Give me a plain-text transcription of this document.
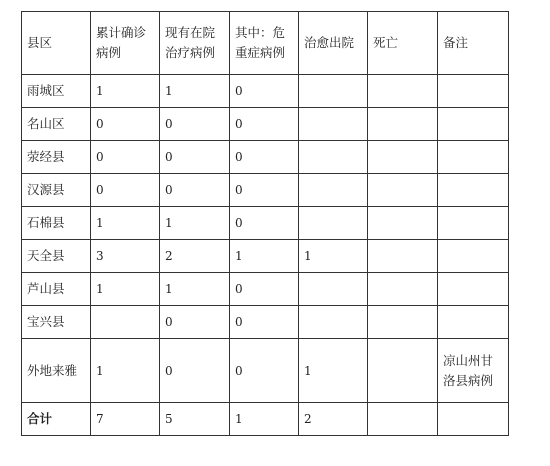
县区	累计确诊病例	现有在院治疗病例	其中：危重症病例	治愈出院	死亡	备注
雨城区	1	1	0			
名山区	0	0	0			
荥经县	0	0	0			
汉源县	0	0	0			
石棉县	1	1	0			
天全县	3	2	1	1		
芦山县	1	1	0			
宝兴县		0	0			
外地来雅	1	0	0	1		凉山州甘洛县病例
合计	7	5	1	2		
